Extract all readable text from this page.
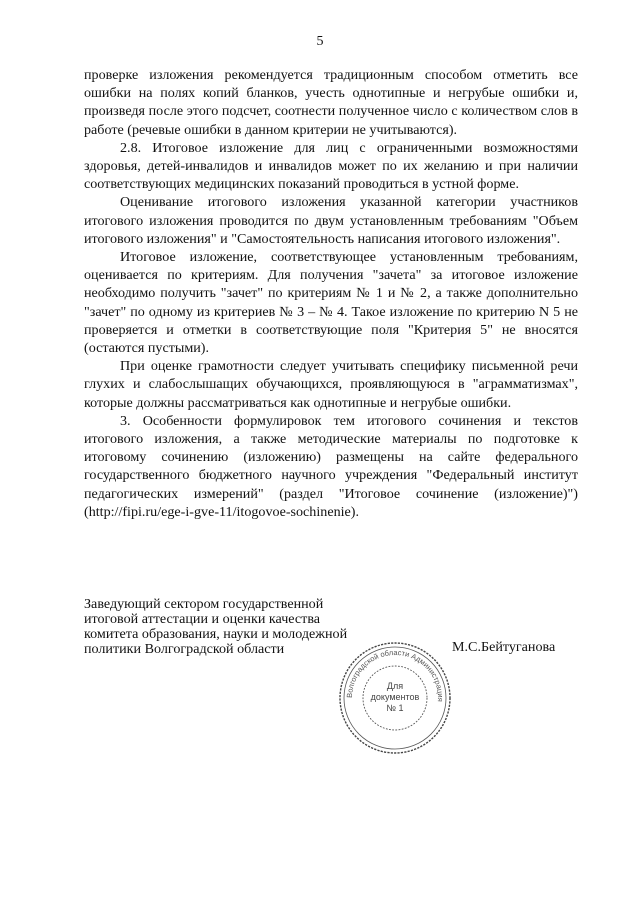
5

проверке изложения рекомендуется традиционным способом отметить все ошибки на полях копий бланков, учесть однотипные и негрубые ошибки и, произведя после этого подсчет, соотнести полученное число с количеством слов в работе (речевые ошибки в данном критерии не учитываются).

2.8. Итоговое изложение для лиц с ограниченными возможностями здоровья, детей-инвалидов и инвалидов может по их желанию и при наличии соответствующих медицинских показаний проводиться в устной форме.

Оценивание итогового изложения указанной категории участников итогового изложения проводится по двум установленным требованиям "Объем итогового изложения" и "Самостоятельность написания итогового изложения".

Итоговое изложение, соответствующее установленным требованиям, оценивается по критериям. Для получения "зачета" за итоговое изложение необходимо получить "зачет" по критериям № 1 и № 2, а также дополнительно "зачет" по одному из критериев № 3 – № 4. Такое изложение по критерию N 5 не проверяется и отметки в соответствующие поля "Критерия 5" не вносятся (остаются пустыми).

При оценке грамотности следует учитывать специфику письменной речи глухих и слабослышащих обучающихся, проявляющуюся в "аграмматизмах", которые должны рассматриваться как однотипные и негрубые ошибки.

3. Особенности формулировок тем итогового сочинения и текстов итогового изложения, а также методические материалы по подготовке к итоговому сочинению (изложению) размещены на сайте федерального государственного бюджетного научного учреждения "Федеральный институт педагогических измерений" (раздел "Итоговое сочинение (изложение)") (http://fipi.ru/ege-i-gve-11/itogovoe-sochinenie).

Заведующий сектором государственной
итоговой аттестации и оценки качества
комитета образования, науки и молодежной
политики Волгоградской области	М.С.Бейтуганова
Волгоградской области Администрация
Для
документов
№ 1
